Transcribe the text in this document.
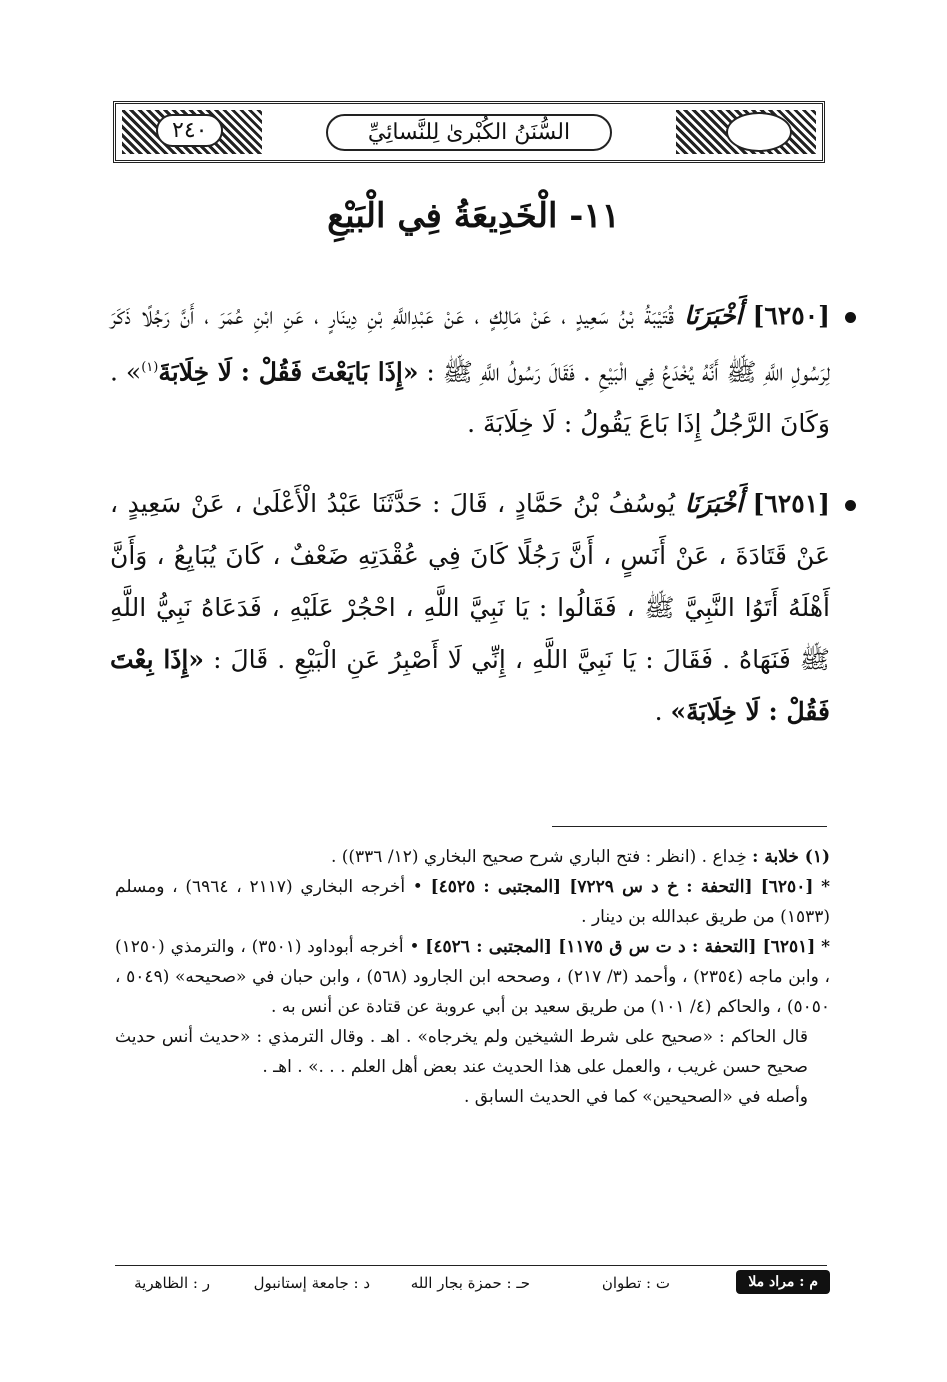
٢٤٠	السُّنَنُ الكُبْرىٰ لِلنَّسائِيِّ
١١- الْخَدِيعَةُ فِي الْبَيْعِ
[٦٢٥٠] أَخْبَرَنَا قُتَيْبَةُ بْنُ سَعِيدٍ ، عَنْ مَالِكٍ ، عَنْ عَبْدِاللَّهِ بْنِ دِينَارٍ ، عَنِ ابْنِ عُمَرَ ، أَنَّ رَجُلًا ذَكَرَ لِرَسُولِ اللَّهِ ﷺ أَنَّهُ يُخْدَعُ فِي الْبَيْعِ . فَقَالَ رَسُولُ اللَّهِ ﷺ : «إِذَا بَايَعْتَ فَقُلْ : لَا خِلَابَةَ$^{(١)}$» . وَكَانَ الرَّجُلُ إِذَا بَاعَ يَقُولُ : لَا خِلَابَةَ .
[٦٢٥١] أَخْبَرَنَا يُوسُفُ بْنُ حَمَّادٍ ، قَالَ : حَدَّثَنَا عَبْدُ الْأَعْلَىٰ ، عَنْ سَعِيدٍ ، عَنْ قَتَادَةَ ، عَنْ أَنَسٍ ، أَنَّ رَجُلًا كَانَ فِي عُقْدَتِهِ ضَعْفٌ ، كَانَ يُبَايِعُ ، وَأَنَّ أَهْلَهُ أَتَوُا النَّبِيَّ ﷺ ، فَقَالُوا : يَا نَبِيَّ اللَّهِ ، احْجُرْ عَلَيْهِ ، فَدَعَاهُ نَبِيُّ اللَّهِ ﷺ فَنَهَاهُ . فَقَالَ : يَا نَبِيَّ اللَّهِ ، إِنِّي لَا أَصْبِرُ عَنِ الْبَيْعِ . قَالَ : «إِذَا بِعْتَ فَقُلْ : لَا خِلَابَةَ» .

(١) خلابة : خِداع . (انظر : فتح الباري شرح صحيح البخاري (١٢/ ٣٣٦)) .

* [٦٢٥٠] [التحفة : خ د س ٧٢٢٩] [المجتبى : ٤٥٢٥] • أخرجه البخاري (٢١١٧ ، ٦٩٦٤) ، ومسلم (١٥٣٣) من طريق عبدالله بن دينار .

* [٦٢٥١] [التحفة : د ت س ق ١١٧٥] [المجتبى : ٤٥٢٦] • أخرجه أبوداود (٣٥٠١) ، والترمذي (١٢٥٠) ، وابن ماجه (٢٣٥٤) ، وأحمد (٣/ ٢١٧) ، وصححه ابن الجارود (٥٦٨) ، وابن حبان في «صحيحه» (٥٠٤٩ ، ٥٠٥٠) ، والحاكم (٤/ ١٠١) من طريق سعيد بن أبي عروبة عن قتادة عن أنس به .

قال الحاكم : «صحيح على شرط الشيخين ولم يخرجاه» . اهـ . وقال الترمذي : «حديث أنس حديث صحيح حسن غريب ، والعمل على هذا الحديث عند بعض أهل العلم . . .» . اهـ .

وأصله في «الصحيحين» كما في الحديث السابق .

م : مراد ملا
ت : تطوان
حـ : حمزة بجار الله
د : جامعة إستانبول
ر : الظاهرية
